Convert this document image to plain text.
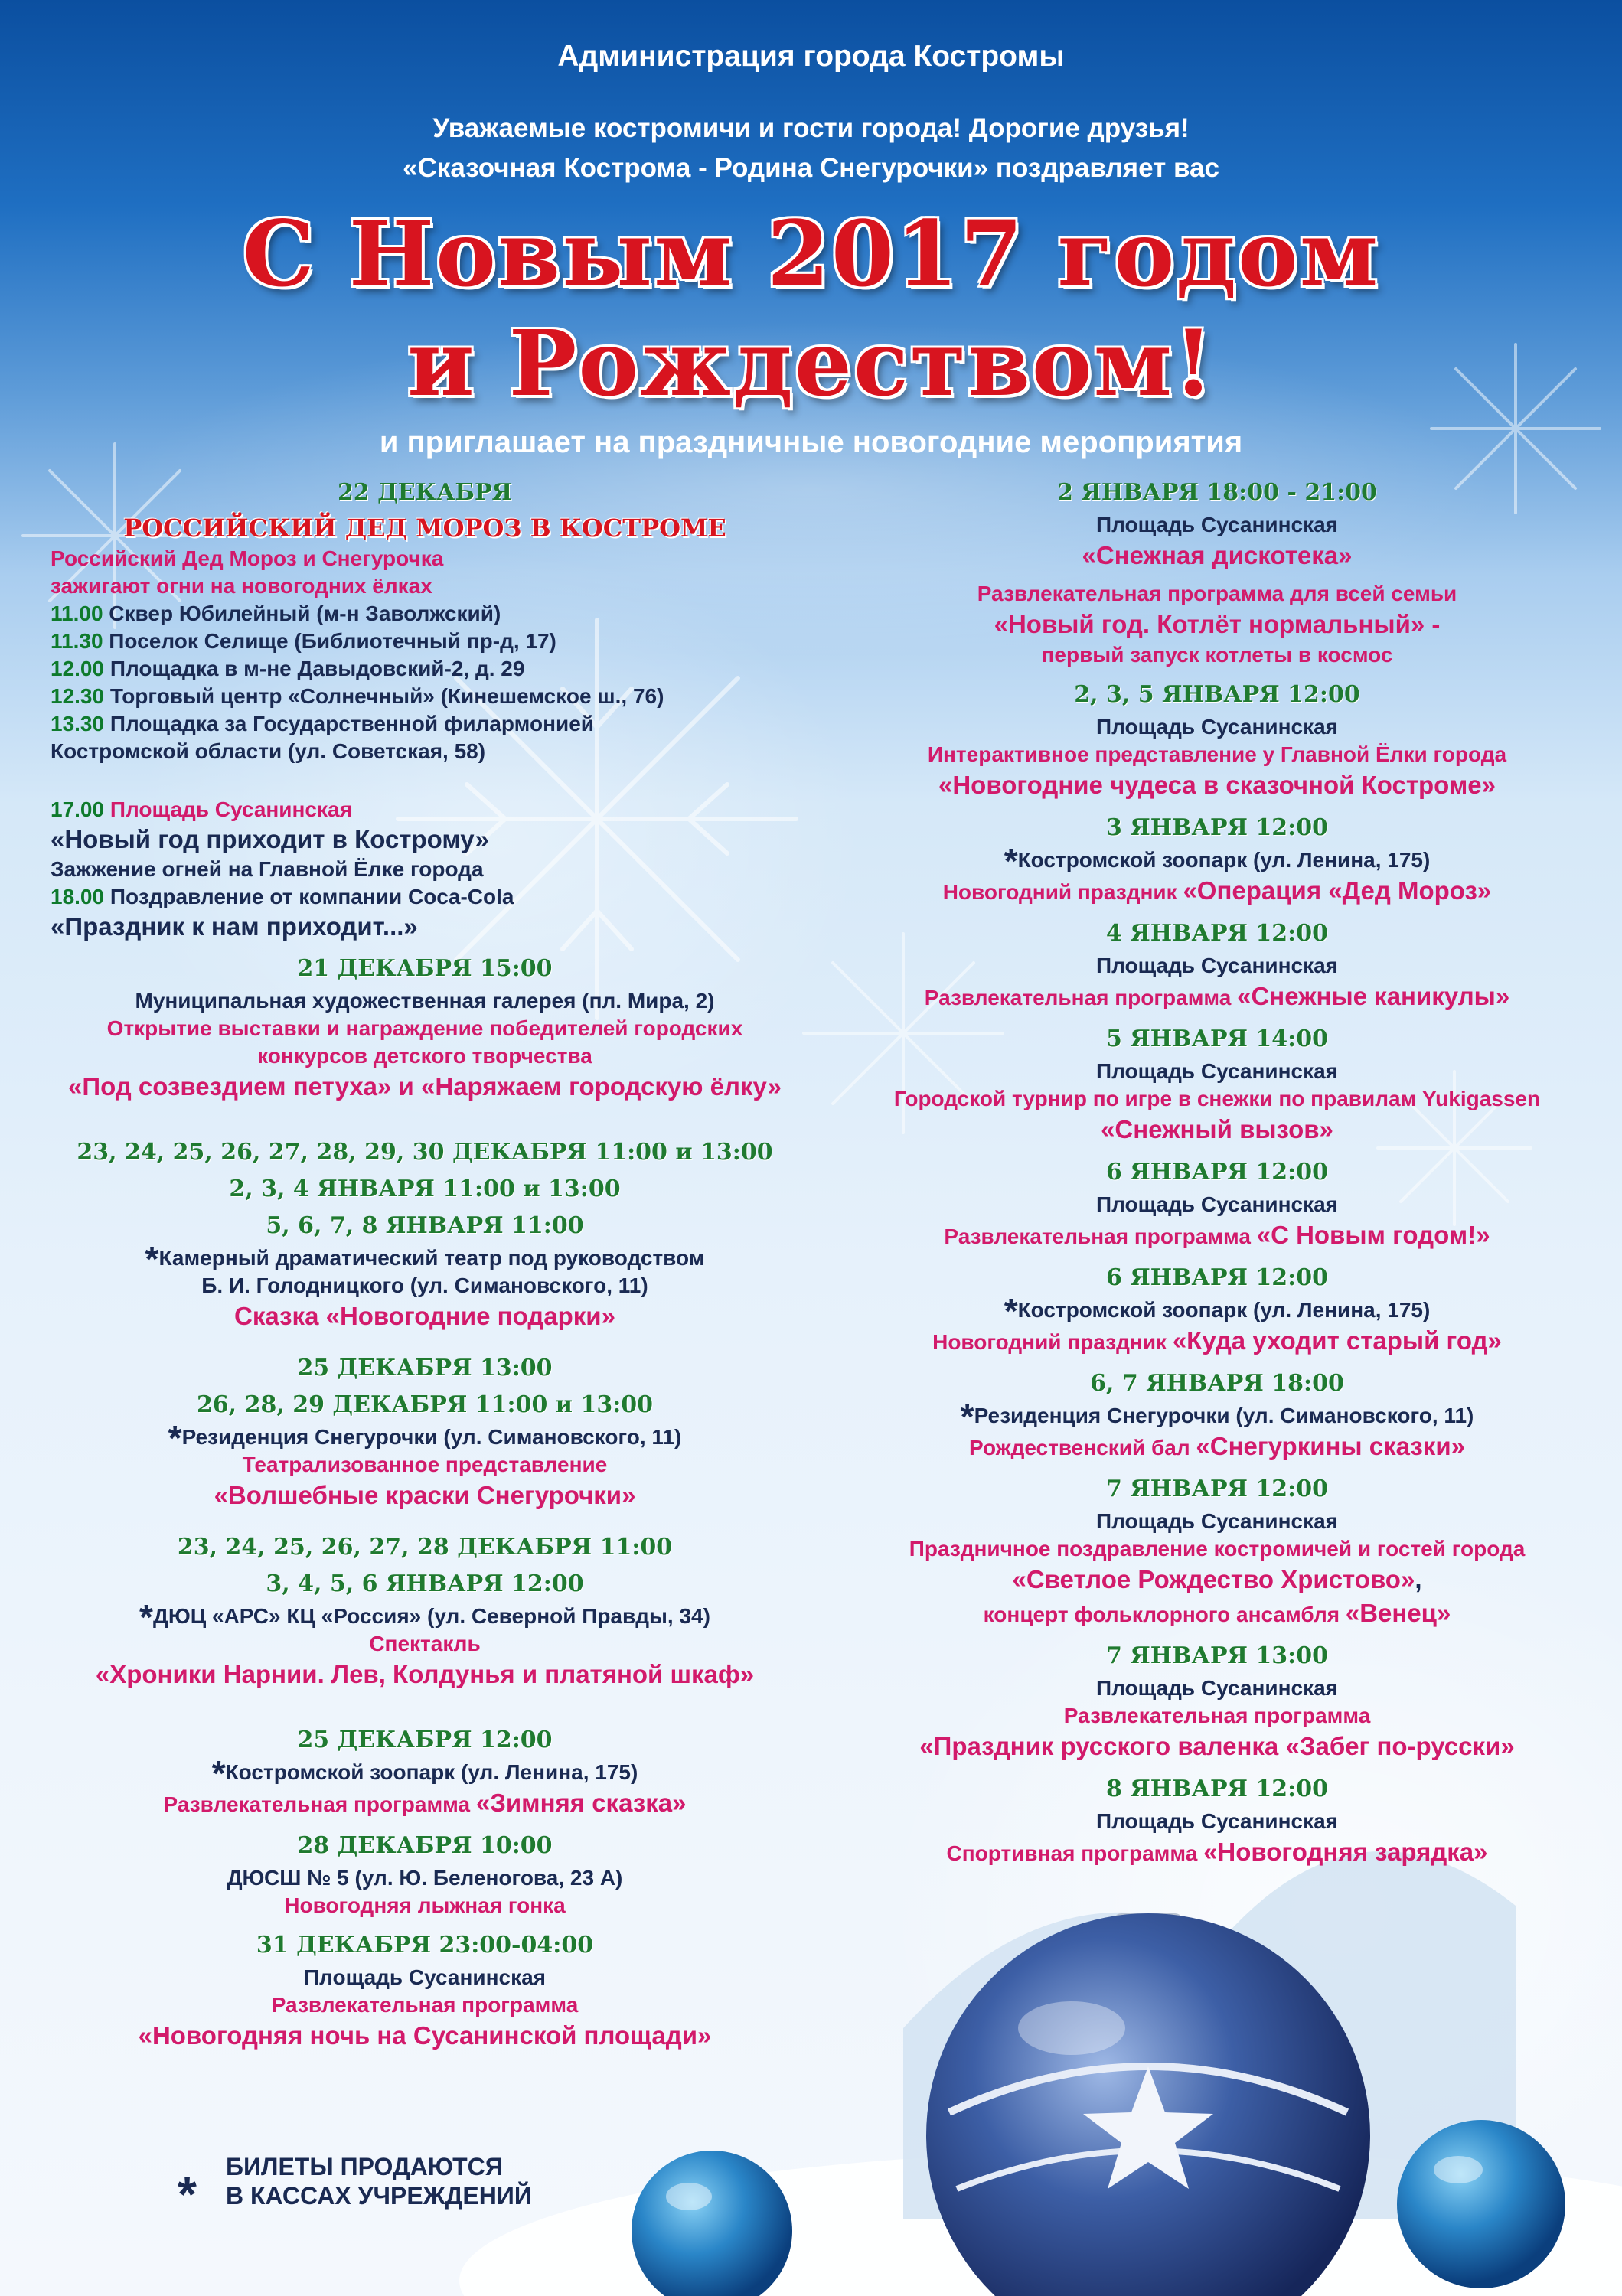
Администрация города Костромы
Уважаемые костромичи и гости города! Дорогие друзья!
«Сказочная Кострома - Родина Снегурочки» поздравляет вас
С Новым 2017 годом
и Рождеством!
и приглашает на праздничные новогодние мероприятия
22 ДЕКАБРЯ
РОССИЙСКИЙ ДЕД МОРОЗ В КОСТРОМЕ
Российский Дед Мороз и Снегурочка
зажигают огни на новогодних ёлках
11.00 Сквер Юбилейный (м-н Заволжский)
11.30 Поселок Селище (Библиотечный пр-д, 17)
12.00 Площадка в м-не Давыдовский-2, д. 29
12.30 Торговый центр «Солнечный» (Кинешемское ш., 76)
13.30 Площадка за Государственной филармонией
Костромской области (ул. Советская, 58)
17.00 Площадь Сусанинская
«Новый год приходит в Кострому»
Зажжение огней на Главной Ёлке города
18.00 Поздравление от компании Coca-Cola
«Праздник к нам приходит...»
21 ДЕКАБРЯ 15:00
Муниципальная художественная галерея (пл. Мира, 2)
Открытие выставки и награждение победителей городских
конкурсов детского творчества
«Под созвездием петуха» и «Наряжаем городскую ёлку»
23, 24, 25, 26, 27, 28, 29, 30 ДЕКАБРЯ 11:00 и 13:00
2, 3, 4 ЯНВАРЯ 11:00 и 13:00
5, 6, 7, 8 ЯНВАРЯ 11:00
*Камерный драматический театр под руководством
Б. И. Голодницкого (ул. Симановского, 11)
Сказка «Новогодние подарки»
25 ДЕКАБРЯ 13:00
26, 28, 29 ДЕКАБРЯ 11:00 и 13:00
*Резиденция Снегурочки (ул. Симановского, 11)
Театрализованное представление
«Волшебные краски Снегурочки»
23, 24, 25, 26, 27, 28 ДЕКАБРЯ 11:00
3, 4, 5, 6 ЯНВАРЯ 12:00
*ДЮЦ «АРС» КЦ «Россия» (ул. Северной Правды, 34)
Спектакль
«Хроники Нарнии. Лев, Колдунья и платяной шкаф»
25 ДЕКАБРЯ 12:00
*Костромской зоопарк (ул. Ленина, 175)
Развлекательная программа «Зимняя сказка»
28 ДЕКАБРЯ 10:00
ДЮСШ № 5 (ул. Ю. Беленогова, 23 А)
Новогодняя лыжная гонка
31 ДЕКАБРЯ 23:00-04:00
Площадь Сусанинская
Развлекательная программа
«Новогодняя ночь на Сусанинской площади»
* БИЛЕТЫ ПРОДАЮТСЯ
В КАССАХ УЧРЕЖДЕНИЙ
2 ЯНВАРЯ 18:00 - 21:00
Площадь Сусанинская
«Снежная дискотека»
Развлекательная программа для всей семьи
«Новый год. Котлёт нормальный» -
первый запуск котлеты в космос
2, 3, 5 ЯНВАРЯ 12:00
Площадь Сусанинская
Интерактивное представление у Главной Ёлки города
«Новогодние чудеса в сказочной Костроме»
3 ЯНВАРЯ 12:00
*Костромской зоопарк (ул. Ленина, 175)
Новогодний праздник «Операция «Дед Мороз»
4 ЯНВАРЯ 12:00
Площадь Сусанинская
Развлекательная программа «Снежные каникулы»
5 ЯНВАРЯ 14:00
Площадь Сусанинская
Городской турнир по игре в снежки по правилам Yukigassen
«Снежный вызов»
6 ЯНВАРЯ 12:00
Площадь Сусанинская
Развлекательная программа «С Новым годом!»
6 ЯНВАРЯ 12:00
*Костромской зоопарк (ул. Ленина, 175)
Новогодний праздник «Куда уходит старый год»
6, 7 ЯНВАРЯ 18:00
*Резиденция Снегурочки (ул. Симановского, 11)
Рождественский бал «Снегуркины сказки»
7 ЯНВАРЯ 12:00
Площадь Сусанинская
Праздничное поздравление костромичей и гостей города
«Светлое Рождество Христово»,
концерт фольклорного ансамбля «Венец»
7 ЯНВАРЯ 13:00
Площадь Сусанинская
Развлекательная программа
«Праздник русского валенка «Забег по-русски»
8 ЯНВАРЯ 12:00
Площадь Сусанинская
Спортивная программа «Новогодняя зарядка»
